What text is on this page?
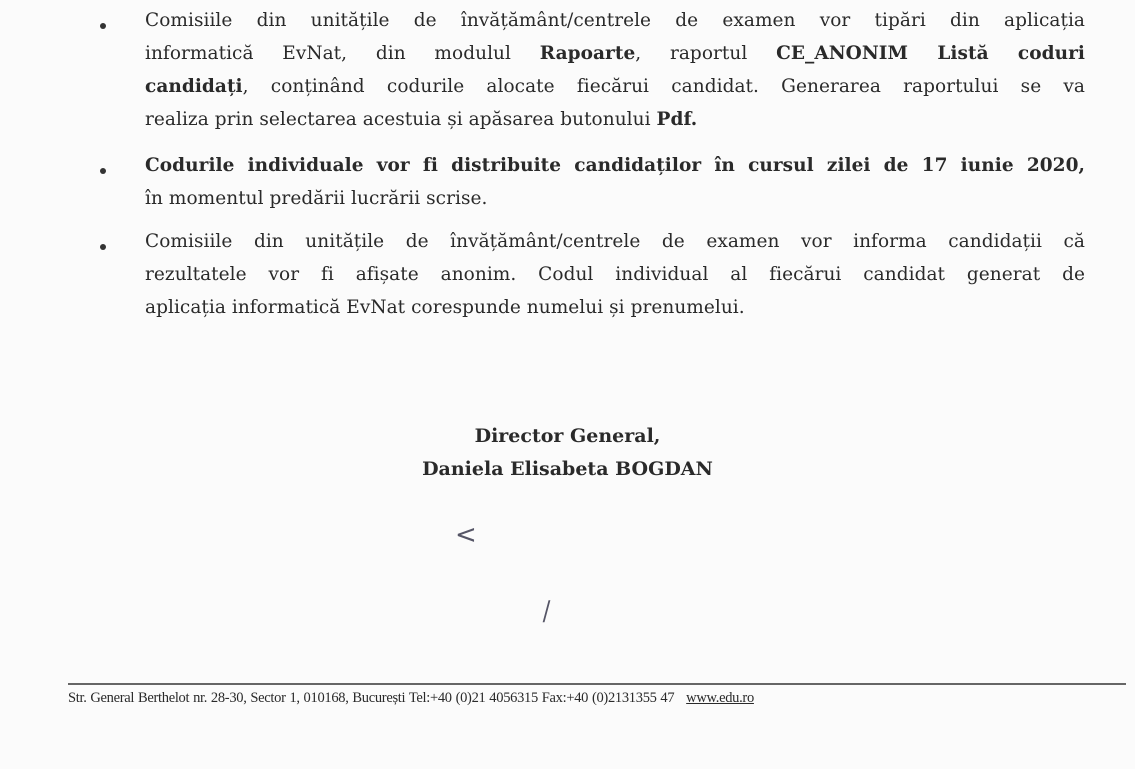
Comisiile din unitățile de învățământ/centrele de examen vor tipări din aplicația
informatică EvNat, din modulul Rapoarte, raportul CE_ANONIM Listă coduri
candidați, conținând codurile alocate fiecărui candidat. Generarea raportului se va
realiza prin selectarea acestuia și apăsarea butonului Pdf.
Codurile individuale vor fi distribuite candidaților în cursul zilei de 17 iunie 2020,
în momentul predării lucrării scrise.
Comisiile din unitățile de învățământ/centrele de examen vor informa candidații că
rezultatele vor fi afișate anonim. Codul individual al fiecărui candidat generat de
aplicația informatică EvNat corespunde numelui și prenumelui.
Director General,
Daniela Elisabeta BOGDAN
<
|
Str. General Berthelot nr. 28-30, Sector 1, 010168, București Tel:+40 (0)21 4056315 Fax:+40 (0)2131355 47 www.edu.ro
